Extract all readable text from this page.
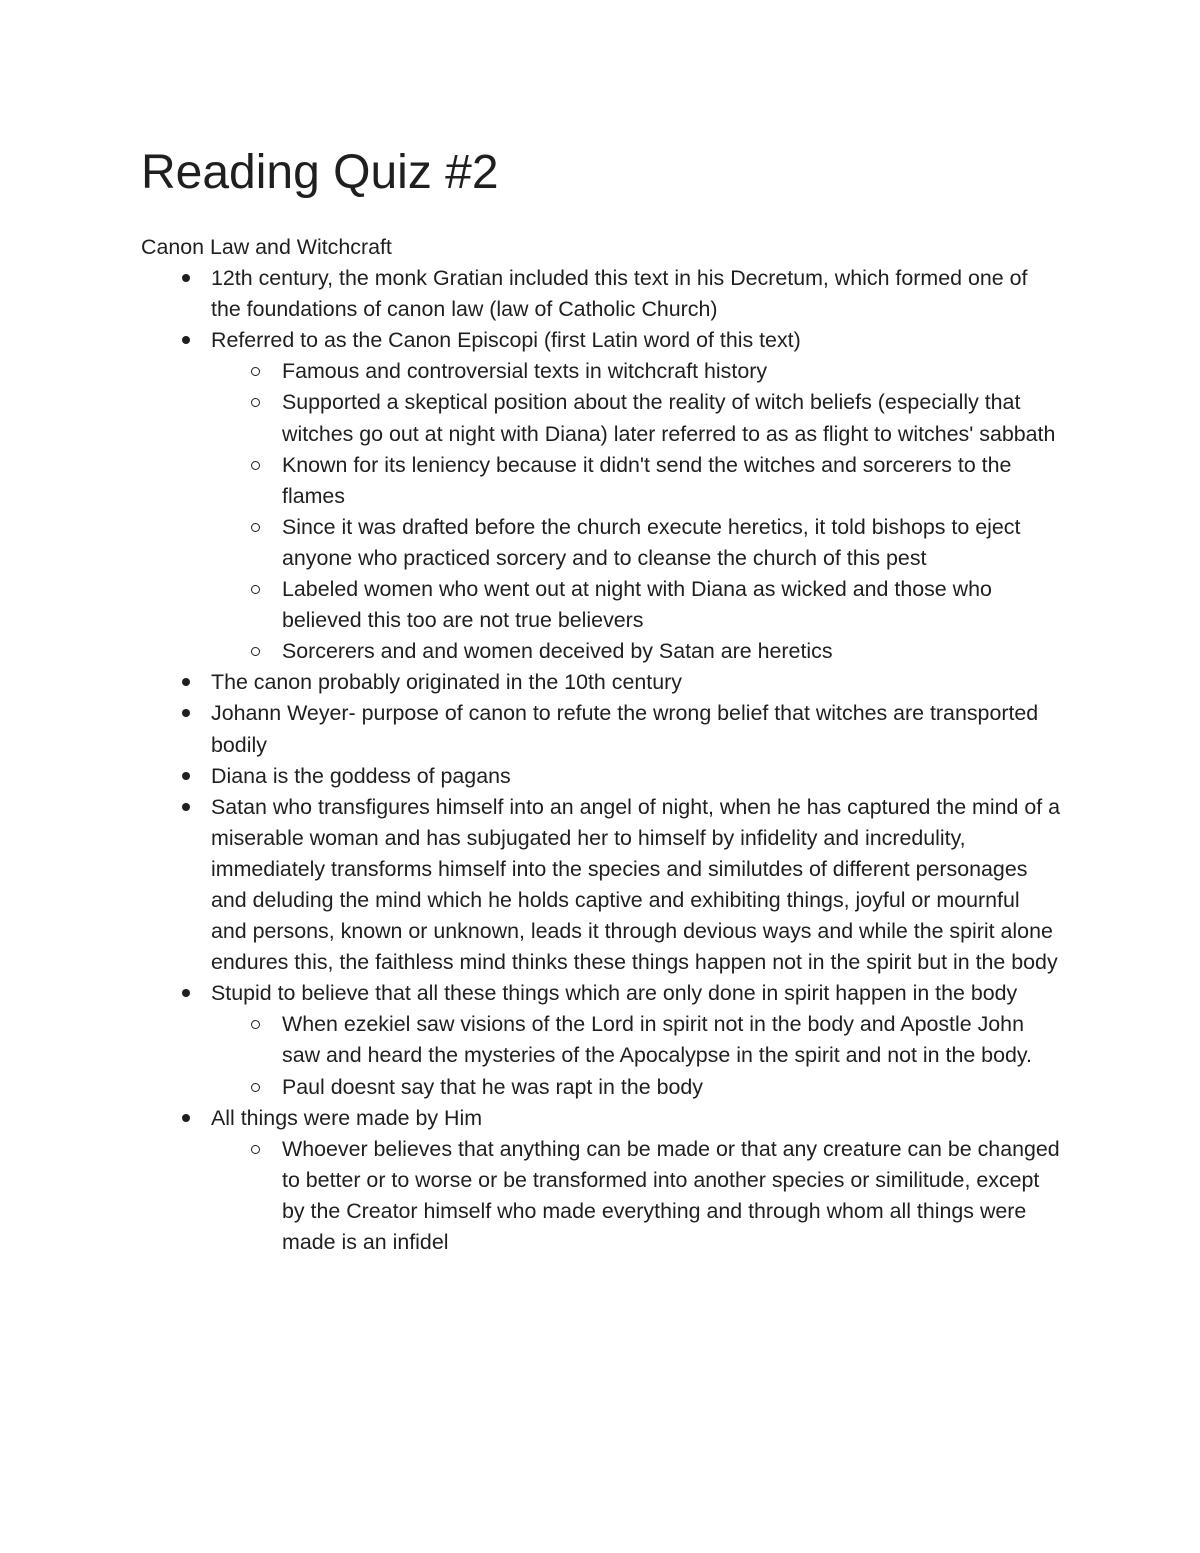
Reading Quiz #2

Canon Law and Witchcraft

12th century, the monk Gratian included this text in his Decretum, which formed one of the foundations of canon law (law of Catholic Church)
Referred to as the Canon Episcopi (first Latin word of this text)
Famous and controversial texts in witchcraft history
Supported a skeptical position about the reality of witch beliefs (especially that witches go out at night with Diana) later referred to as as flight to witches' sabbath
Known for its leniency because it didn't send the witches and sorcerers to the flames
Since it was drafted before the church execute heretics, it told bishops to eject anyone who practiced sorcery and to cleanse the church of this pest
Labeled women who went out at night with Diana as wicked and those who believed this too are not true believers
Sorcerers and and women deceived by Satan are heretics
The canon probably originated in the 10th century
Johann Weyer- purpose of canon to refute the wrong belief that witches are transported bodily
Diana is the goddess of pagans
Satan who transfigures himself into an angel of night, when he has captured the mind of a miserable woman and has subjugated her to himself by infidelity and incredulity, immediately transforms himself into the species and similutdes of different personages and deluding the mind which he holds captive and exhibiting things, joyful or mournful and persons, known or unknown, leads it through devious ways and while the spirit alone endures this, the faithless mind thinks these things happen not in the spirit but in the body
Stupid to believe that all these things which are only done in spirit happen in the body
When ezekiel saw visions of the Lord in spirit not in the body and Apostle John saw and heard the mysteries of the Apocalypse in the spirit and not in the body.
Paul doesnt say that he was rapt in the body
All things were made by Him
Whoever believes that anything can be made or that any creature can be changed to better or to worse or be transformed into another species or similitude, except by the Creator himself who made everything and through whom all things were made is an infidel
